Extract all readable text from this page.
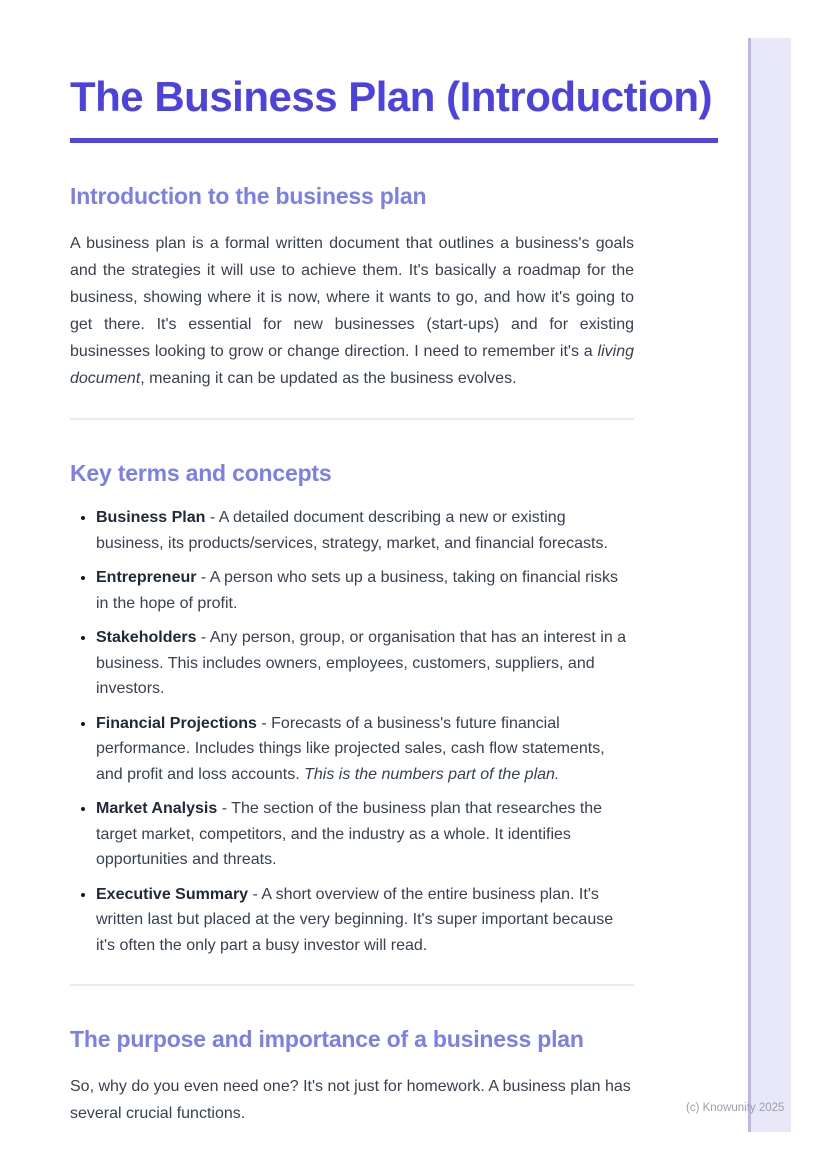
The Business Plan (Introduction)
Introduction to the business plan

A business plan is a formal written document that outlines a business's goals and the strategies it will use to achieve them. It's basically a roadmap for the business, showing where it is now, where it wants to go, and how it's going to get there. It's essential for new businesses (start-ups) and for existing businesses looking to grow or change direction. I need to remember it's a living document, meaning it can be updated as the business evolves.

Key terms and concepts
• Business Plan - A detailed document describing a new or existing business, its products/services, strategy, market, and financial forecasts.
• Entrepreneur - A person who sets up a business, taking on financial risks in the hope of profit.
• Stakeholders - Any person, group, or organisation that has an interest in a business. This includes owners, employees, customers, suppliers, and investors.
• Financial Projections - Forecasts of a business's future financial performance. Includes things like projected sales, cash flow statements, and profit and loss accounts. This is the numbers part of the plan.
• Market Analysis - The section of the business plan that researches the target market, competitors, and the industry as a whole. It identifies opportunities and threats.
• Executive Summary - A short overview of the entire business plan. It's written last but placed at the very beginning. It's super important because it's often the only part a busy investor will read.
The purpose and importance of a business plan

So, why do you even need one? It's not just for homework. A business plan has several crucial functions.	(c) Knowunity 2025
